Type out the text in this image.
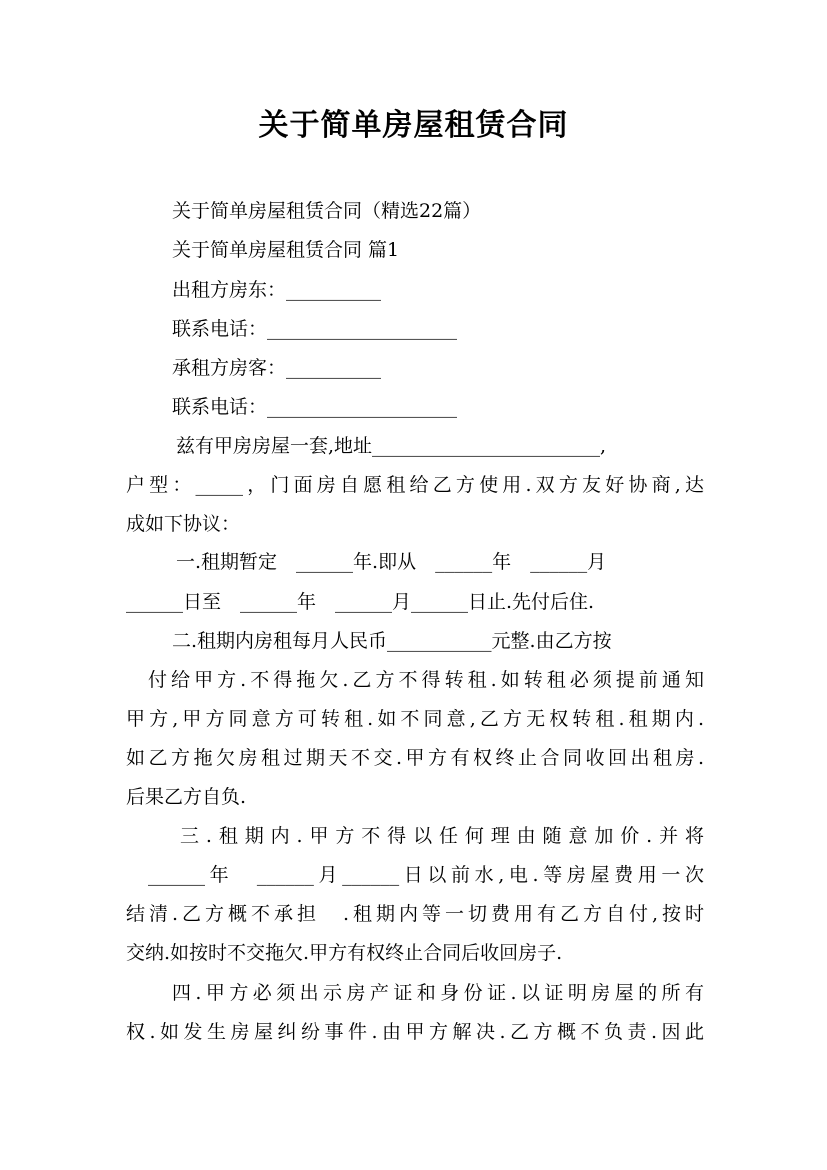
关于简单房屋租赁合同
关于简单房屋租赁合同（精选22篇）
关于简单房屋租赁合同 篇1
出租方房东：__________
联系电话：____________________
承租方房客：__________
联系电话：____________________
兹有甲房房屋一套,地址________________________,
户型：_____，门面房自愿租给乙方使用.双方友好协商,达
成如下协议：
一.租期暂定　______年.即从　______年　______月
______日至　______年　______月______日止.先付后住.
二.租期内房租每月人民币___________元整.由乙方按
付给甲方.不得拖欠.乙方不得转租.如转租必须提前通知
甲方,甲方同意方可转租.如不同意,乙方无权转租.租期内.
如乙方拖欠房租过期天不交.甲方有权终止合同收回出租房.
后果乙方自负.
三.租期内.甲方不得以任何理由随意加价.并将
______年　______月______日以前水,电.等房屋费用一次
结清.乙方概不承担　.租期内等一切费用有乙方自付,按时
交纳.如按时不交拖欠.甲方有权终止合同后收回房子.
四.甲方必须出示房产证和身份证.以证明房屋的所有
权.如发生房屋纠纷事件.由甲方解决.乙方概不负责.因此
